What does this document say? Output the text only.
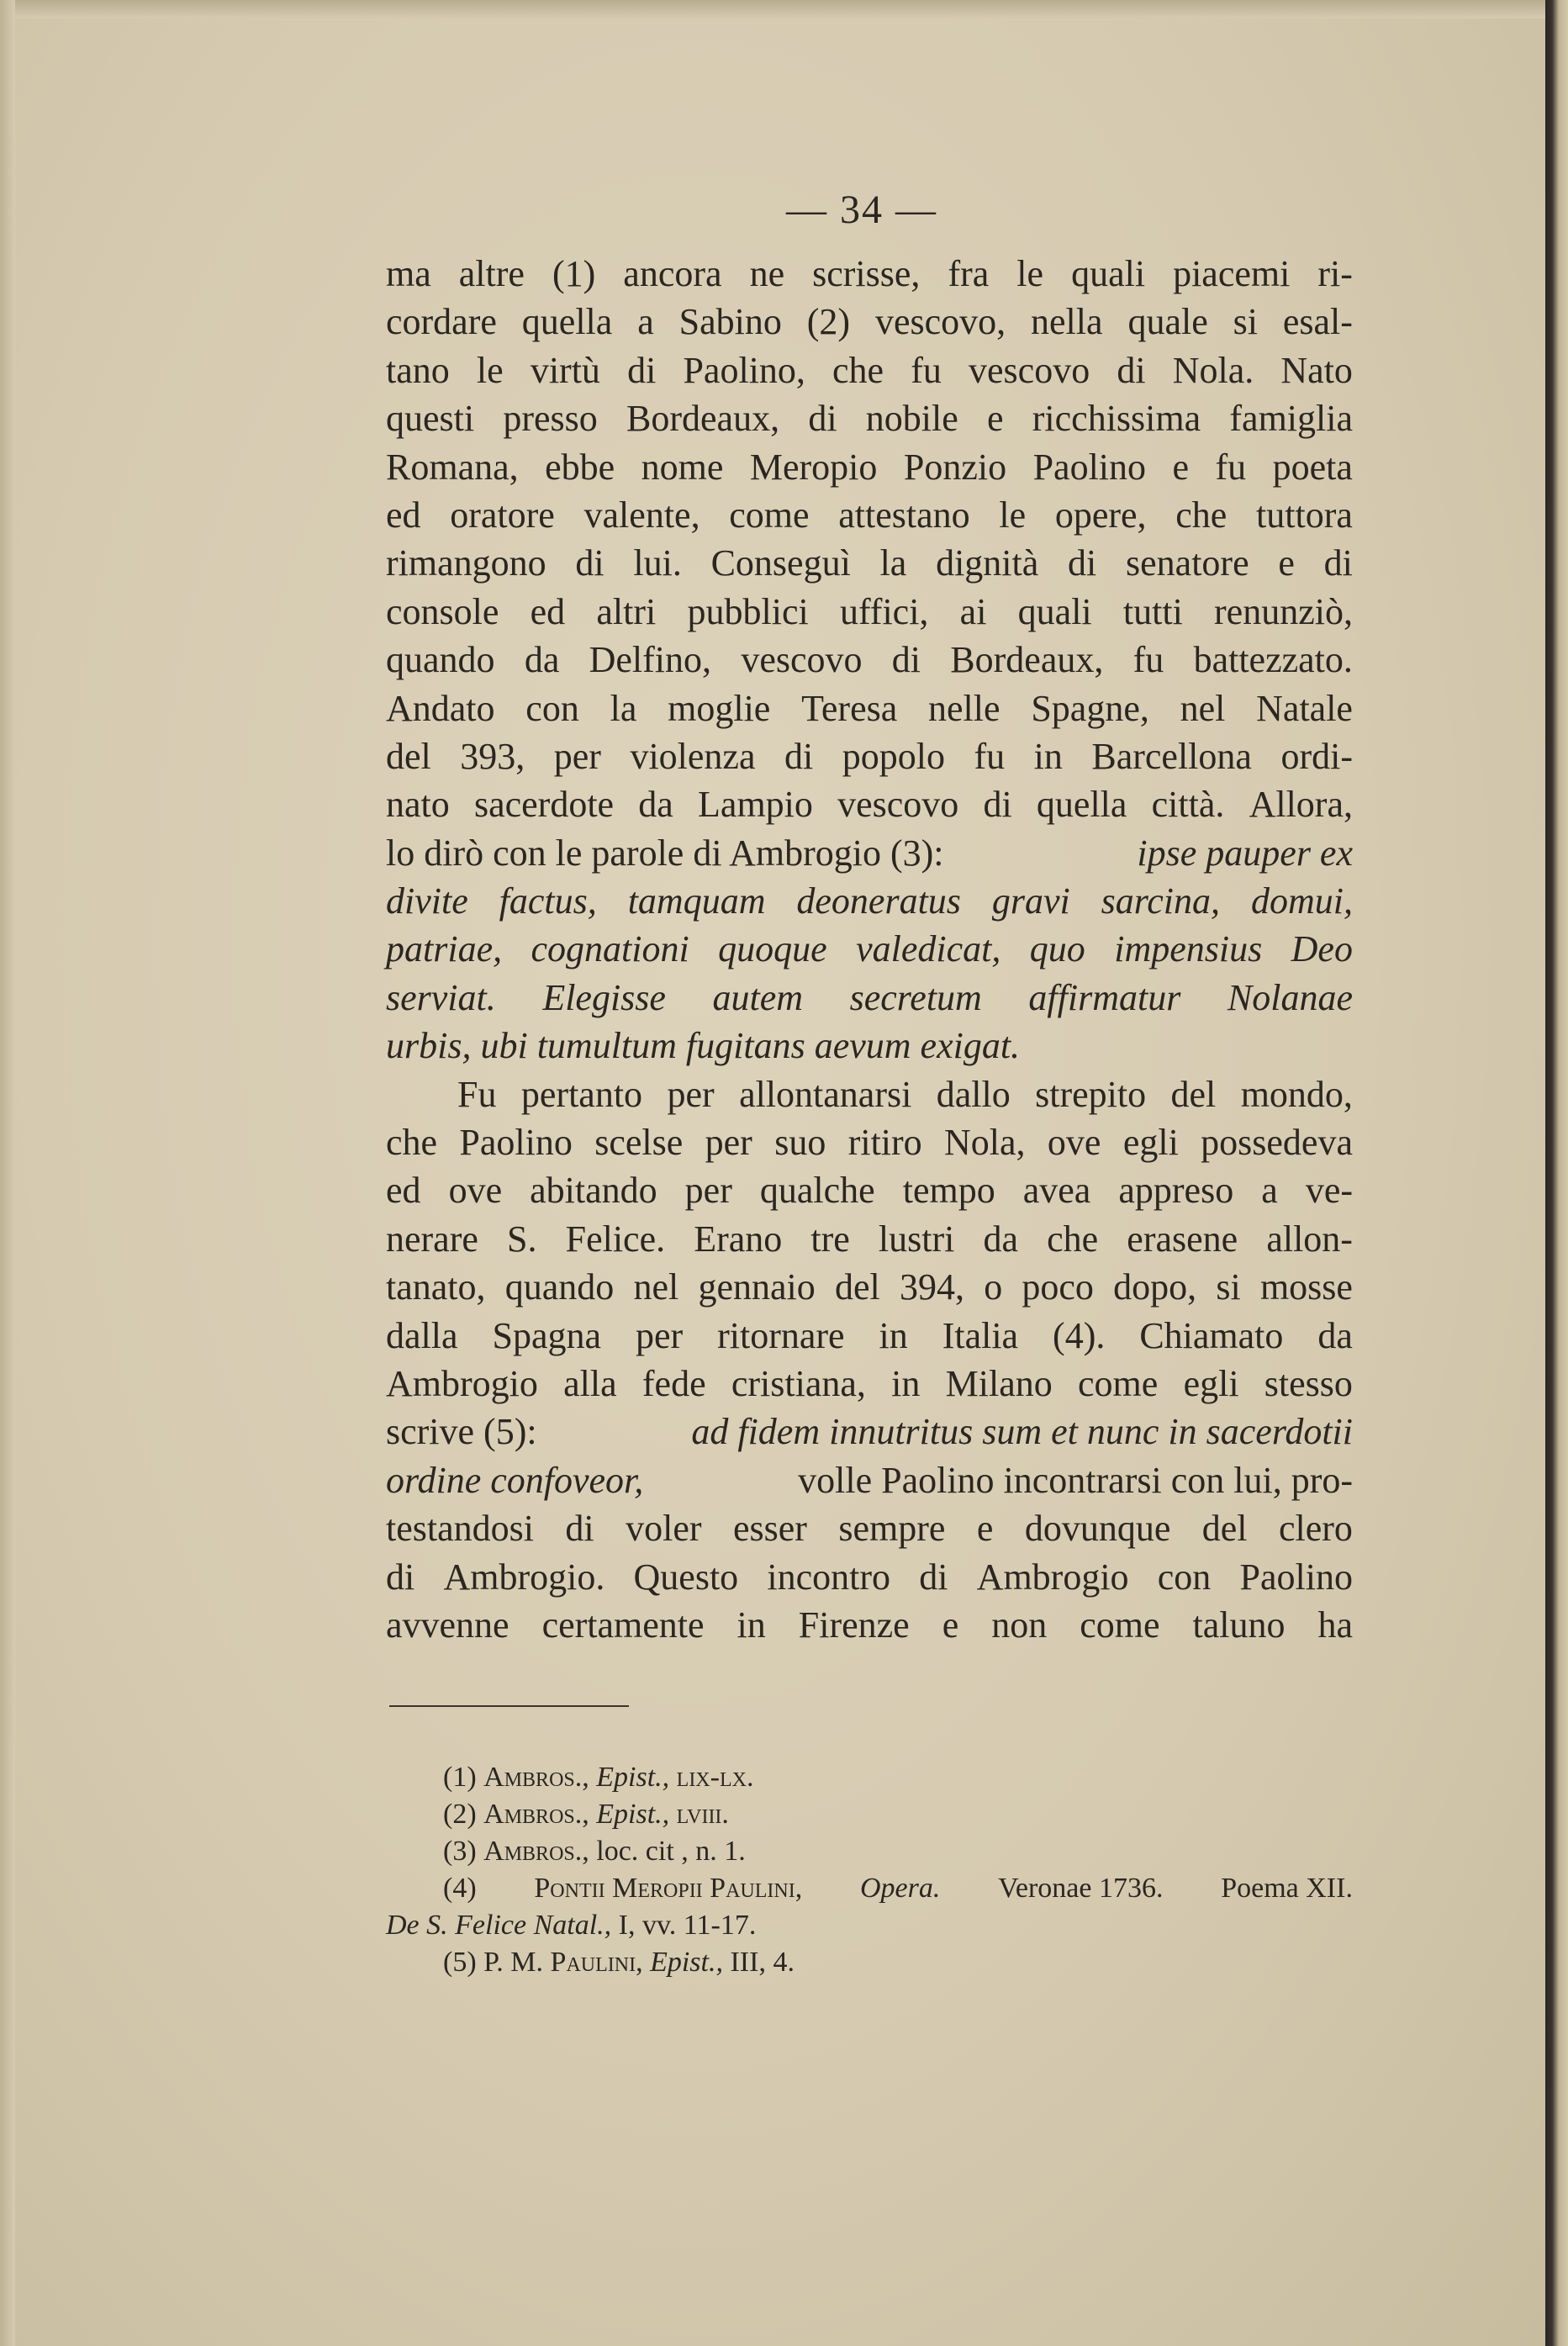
— 34 —
ma altre (1) ancora ne scrisse, fra le quali piacemi ri-
cordare quella a Sabino (2) vescovo, nella quale si esal-
tano le virtù di Paolino, che fu vescovo di Nola. Nato
questi presso Bordeaux, di nobile e ricchissima famiglia
Romana, ebbe nome Meropio Ponzio Paolino e fu poeta
ed oratore valente, come attestano le opere, che tuttora
rimangono di lui. Conseguì la dignità di senatore e di
console ed altri pubblici uffici, ai quali tutti renunziò,
quando da Delfino, vescovo di Bordeaux, fu battezzato.
Andato con la moglie Teresa nelle Spagne, nel Natale
del 393, per violenza di popolo fu in Barcellona ordi-
nato sacerdote da Lampio vescovo di quella città. Allora,
lo dirò con le parole di Ambrogio (3):	ipse pauper ex
divite factus, tamquam deoneratus gravi sarcina, domui,
patriae, cognationi quoque valedicat, quo impensius Deo
serviat. Elegisse autem secretum affirmatur Nolanae
urbis, ubi tumultum fugitans aevum exigat.
Fu pertanto per allontanarsi dallo strepito del mondo,
che Paolino scelse per suo ritiro Nola, ove egli possedeva
ed ove abitando per qualche tempo avea appreso a ve-
nerare S. Felice. Erano tre lustri da che erasene allon-
tanato, quando nel gennaio del 394, o poco dopo, si mosse
dalla Spagna per ritornare in Italia (4). Chiamato da
Ambrogio alla fede cristiana, in Milano come egli stesso
scrive (5):	ad fidem innutritus sum et nunc in sacerdotii
ordine confoveor,	volle Paolino incontrarsi con lui, pro-
testandosi di voler esser sempre e dovunque del clero
di Ambrogio. Questo incontro di Ambrogio con Paolino
avvenne certamente in Firenze e non come taluno ha
(1) Ambros., Epist., lix-lx.
(2) Ambros., Epist., lviii.
(3) Ambros., loc. cit , n. 1.
(4) Pontii Meropii Paulini, Opera. Veronae 1736. Poema XII.
De S. Felice Natal., I, vv. 11-17.
(5) P. M. Paulini, Epist., III, 4.
